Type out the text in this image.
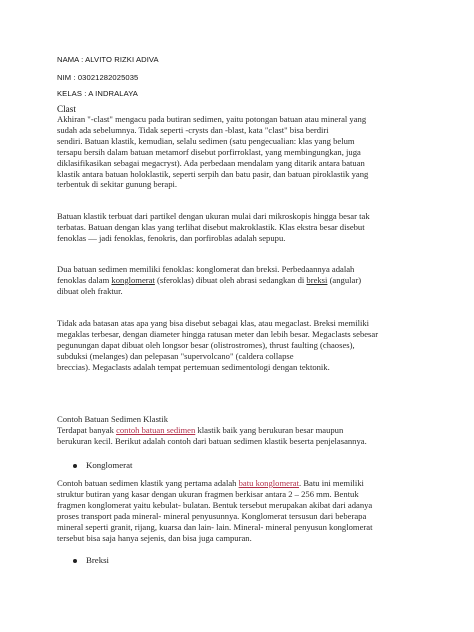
NAMA : ALVITO RIZKI ADIVA
NIM : 03021282025035
KELAS : A INDRALAYA
Clast

Akhiran "-clast" mengacu pada butiran sedimen, yaitu potongan batuan atau mineral yang

sudah ada sebelumnya. Tidak seperti -crysts dan -blast, kata "clast" bisa berdiri

sendiri. Batuan klastik, kemudian, selalu sedimen (satu pengecualian: klas yang belum

tersapu bersih dalam batuan metamorf disebut porfirroklast, yang membingungkan, juga

diklasifikasikan sebagai megacryst). Ada perbedaan mendalam yang ditarik antara batuan

klastik antara batuan holoklastik, seperti serpih dan batu pasir, dan batuan piroklastik yang

terbentuk di sekitar gunung berapi.

Batuan klastik terbuat dari partikel dengan ukuran mulai dari mikroskopis hingga besar tak

terbatas. Batuan dengan klas yang terlihat disebut makroklastik. Klas ekstra besar disebut

fenoklas — jadi fenoklas, fenokris, dan porfiroblas adalah sepupu.

Dua batuan sedimen memiliki fenoklas: konglomerat dan breksi. Perbedaannya adalah

fenoklas dalam konglomerat (sferoklas) dibuat oleh abrasi sedangkan di breksi (angular)

dibuat oleh fraktur.

Tidak ada batasan atas apa yang bisa disebut sebagai klas, atau megaclast. Breksi memiliki

megaklas terbesar, dengan diameter hingga ratusan meter dan lebih besar. Megaclasts sebesar

pegunungan dapat dibuat oleh longsor besar (olistrostromes), thrust faulting (chaoses),

subduksi (melanges) dan pelepasan "supervolcano" (caldera collapse

breccias). Megaclasts adalah tempat pertemuan sedimentologi dengan tektonik.

Contoh Batuan Sedimen Klastik

Terdapat banyak contoh batuan sedimen klastik baik yang berukuran besar maupun

berukuran kecil. Berikut adalah contoh dari batuan sedimen klastik beserta penjelasannya.

Konglomerat

Contoh batuan sedimen klastik yang pertama adalah batu konglomerat. Batu ini memiliki

struktur butiran yang kasar dengan ukuran fragmen berkisar antara 2 – 256 mm. Bentuk

fragmen konglomerat yaitu kebulat- bulatan. Bentuk tersebut merupakan akibat dari adanya

proses transport pada mineral- mineral penyusunnya. Konglomerat tersusun dari beberapa

mineral seperti granit, rijang, kuarsa dan lain- lain. Mineral- mineral penyusun konglomerat

tersebut bisa saja hanya sejenis, dan bisa juga campuran.

Breksi
